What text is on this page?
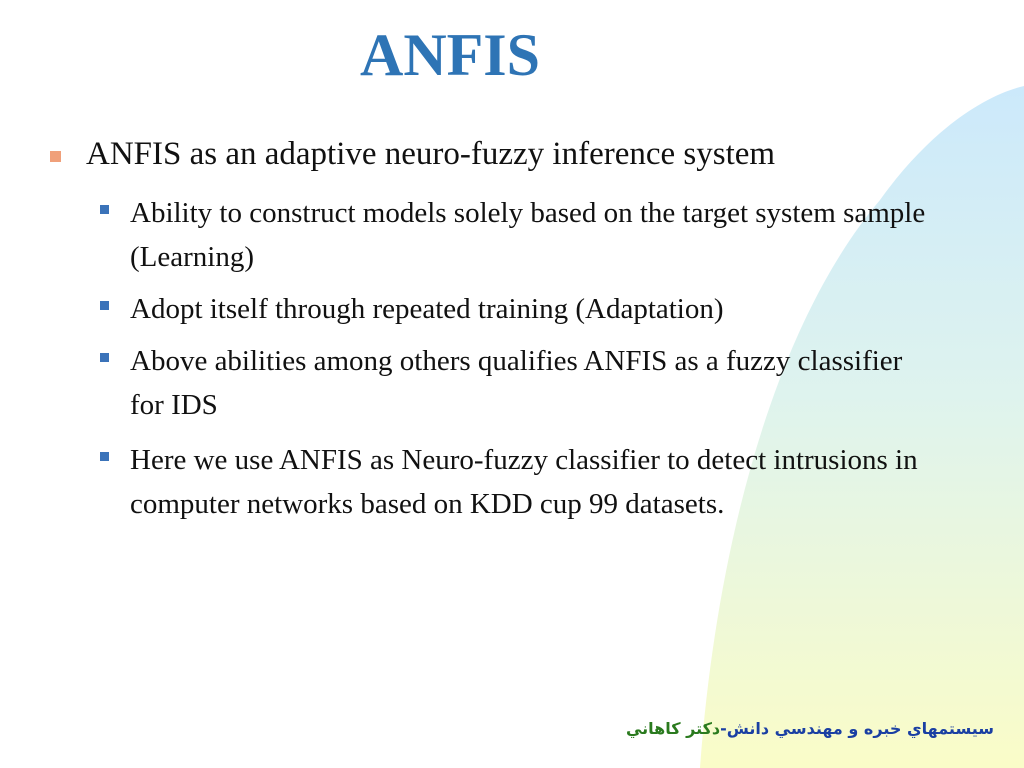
ANFIS
ANFIS as an adaptive neuro-fuzzy inference system
Ability to construct models solely based on the target system sample (Learning)
Adopt itself through repeated training (Adaptation)
Above abilities among others qualifies ANFIS as a fuzzy classifier for IDS
Here we use ANFIS as Neuro-fuzzy classifier to detect intrusions in computer networks based on KDD cup 99 datasets.
سيستمهاي خبره و مهندسي دانش-دكتر كاهاني
